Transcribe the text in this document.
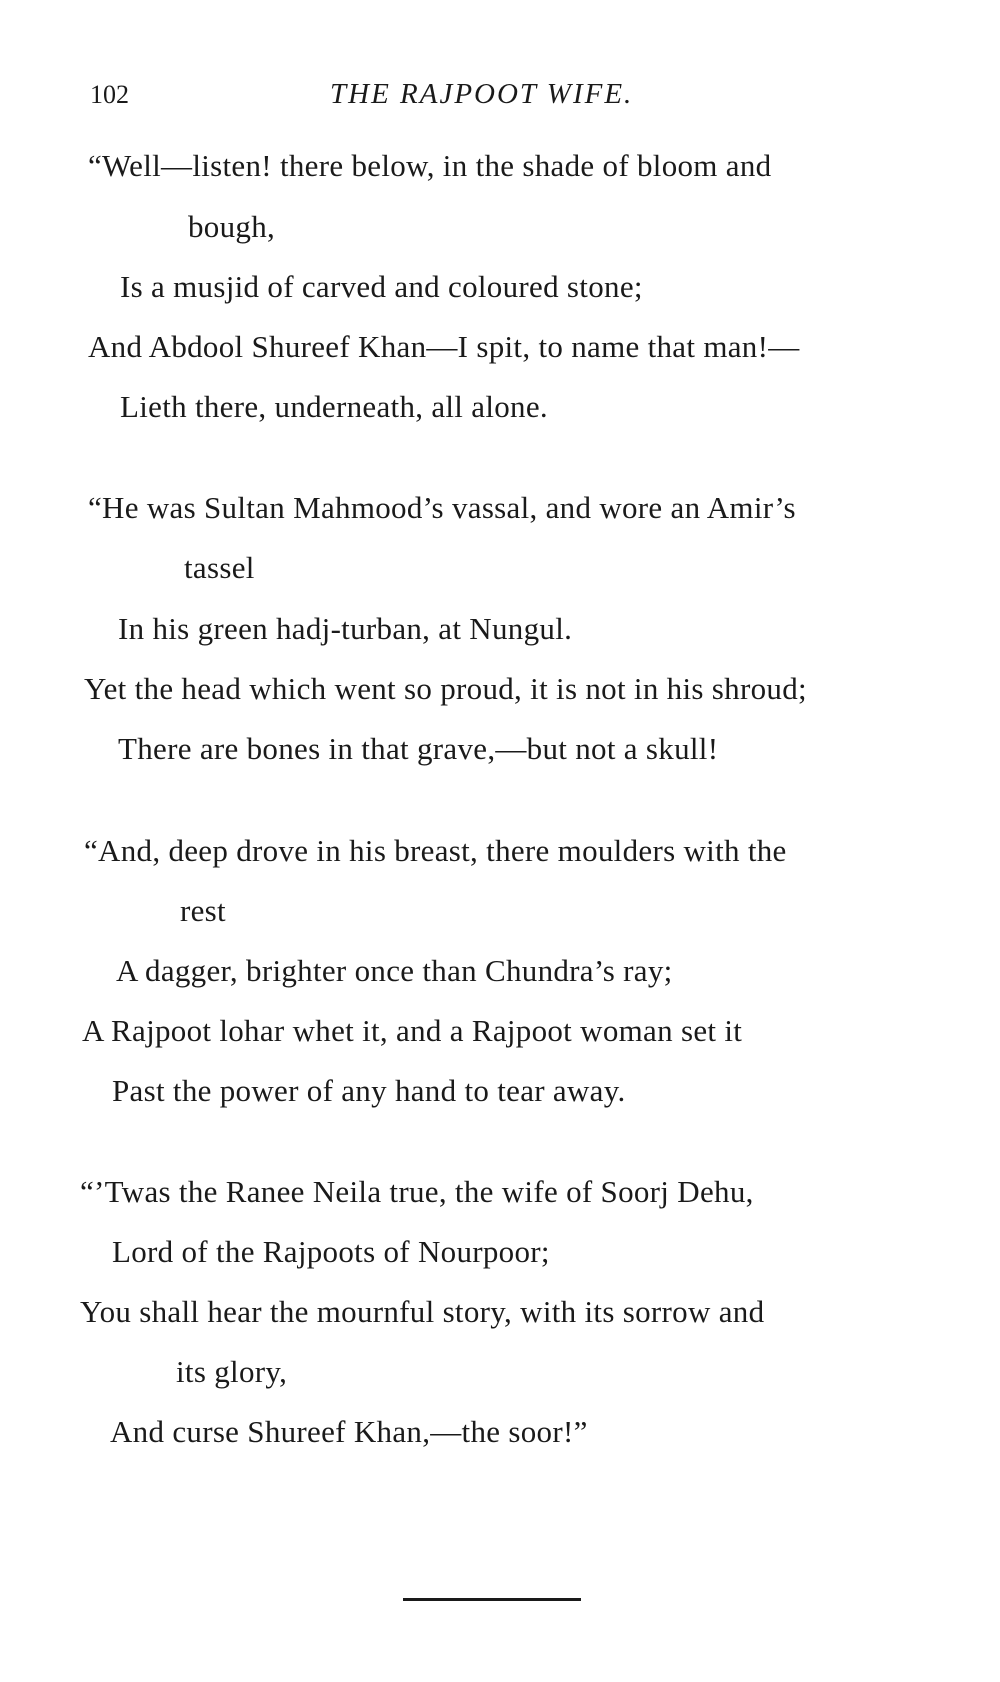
102	THE RAJPOOT WIFE.
“Well—listen! there below, in the shade of bloom and
bough,
Is a musjid of carved and coloured stone;
And Abdool Shureef Khan—I spit, to name that man!—
Lieth there, underneath, all alone.
“He was Sultan Mahmood’s vassal, and wore an Amir’s
tassel
In his green hadj-turban, at Nungul.
Yet the head which went so proud, it is not in his shroud;
There are bones in that grave,—but not a skull!
“And, deep drove in his breast, there moulders with the
rest
A dagger, brighter once than Chundra’s ray;
A Rajpoot lohar whet it, and a Rajpoot woman set it
Past the power of any hand to tear away.
“’Twas the Ranee Neila true, the wife of Soorj Dehu,
Lord of the Rajpoots of Nourpoor;
You shall hear the mournful story, with its sorrow and
its glory,
And curse Shureef Khan,—the soor!”
